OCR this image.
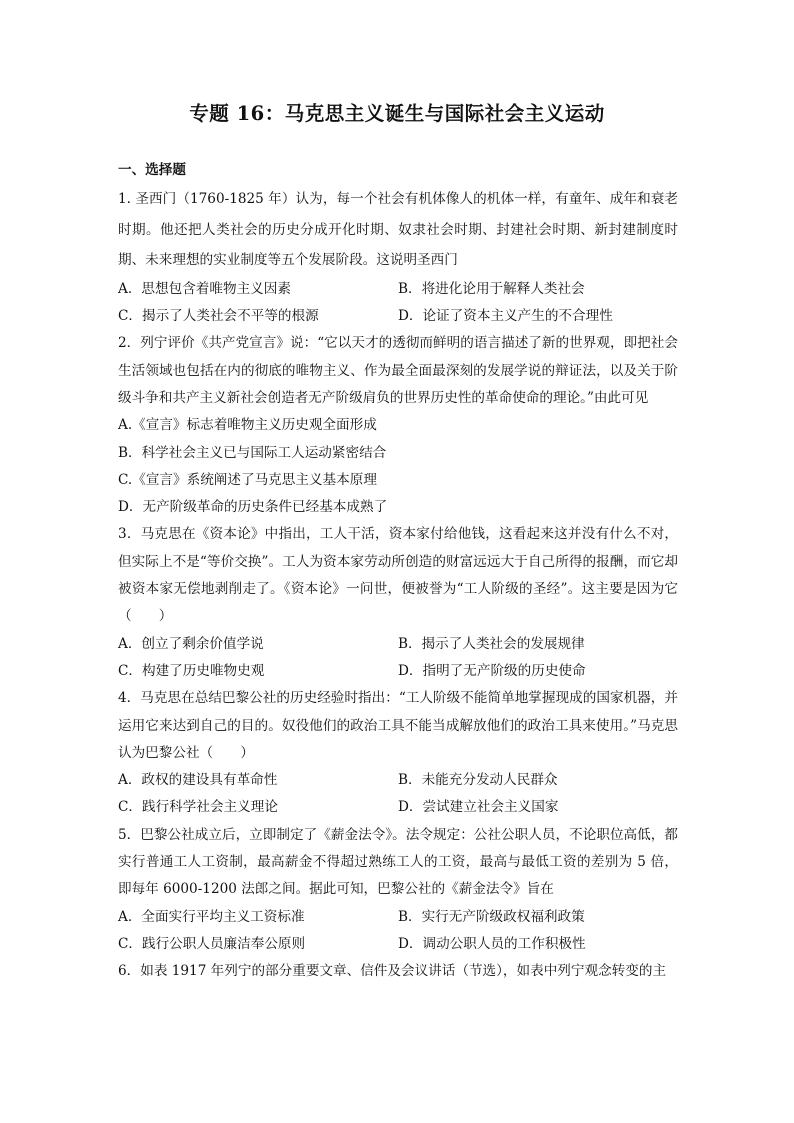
专题 16：马克思主义诞生与国际社会主义运动
一、选择题

1. 圣西门（1760-1825 年）认为，每一个社会有机体像人的机体一样，有童年、成年和衰老时期。他还把人类社会的历史分成开化时期、奴隶社会时期、封建社会时期、新封建制度时期、未来理想的实业制度等五个发展阶段。这说明圣西门

A．思想包含着唯物主义因素	B．将进化论用于解释人类社会
C．揭示了人类社会不平等的根源	D．论证了资本主义产生的不合理性

2．列宁评价《共产党宣言》说：“它以天才的透彻而鲜明的语言描述了新的世界观，即把社会生活领域也包括在内的彻底的唯物主义、作为最全面最深刻的发展学说的辩证法，以及关于阶级斗争和共产主义新社会创造者无产阶级肩负的世界历史性的革命使命的理论。”由此可见

A.《宣言》标志着唯物主义历史观全面形成
B．科学社会主义已与国际工人运动紧密结合
C.《宣言》系统阐述了马克思主义基本原理
D．无产阶级革命的历史条件已经基本成熟了

3．马克思在《资本论》中指出，工人干活，资本家付给他钱，这看起来这并没有什么不对，但实际上不是“等价交换”。工人为资本家劳动所创造的财富远远大于自己所得的报酬，而它却被资本家无偿地剥削走了。《资本论》一问世，便被誉为“工人阶级的圣经”。这主要是因为它（　　）

A．创立了剩余价值学说	B．揭示了人类社会的发展规律
C．构建了历史唯物史观	D．指明了无产阶级的历史使命

4．马克思在总结巴黎公社的历史经验时指出：“工人阶级不能简单地掌握现成的国家机器，并运用它来达到自己的目的。奴役他们的政治工具不能当成解放他们的政治工具来使用。”马克思认为巴黎公社（　　）

A．政权的建设具有革命性	B．未能充分发动人民群众
C．践行科学社会主义理论	D．尝试建立社会主义国家

5．巴黎公社成立后，立即制定了《薪金法令》。法令规定：公社公职人员，不论职位高低，都实行普通工人工资制，最高薪金不得超过熟练工人的工资，最高与最低工资的差别为 5 倍，即每年 6000-1200 法郎之间。据此可知，巴黎公社的《薪金法令》旨在

A．全面实行平均主义工资标准	B．实行无产阶级政权福利政策
C．践行公职人员廉洁奉公原则	D．调动公职人员的工作积极性

6．如表 1917 年列宁的部分重要文章、信件及会议讲话（节选），如表中列宁观念转变的主
